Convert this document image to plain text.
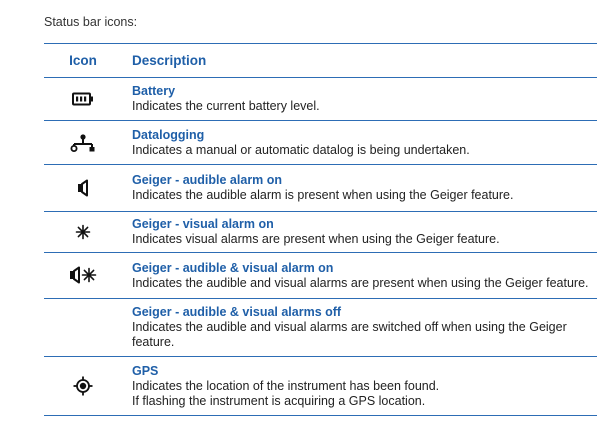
Status bar icons:
Icon	Description

Battery
Indicates the current battery level.

Datalogging
Indicates a manual or automatic datalog is being undertaken.

Geiger - audible alarm on
Indicates the audible alarm is present when using the Geiger feature.

Geiger - visual alarm on
Indicates visual alarms are present when using the Geiger feature.

Geiger - audible & visual alarm on
Indicates the audible and visual alarms are present when using the Geiger feature.

	Geiger - audible & visual alarms off
Indicates the audible and visual alarms are switched off when using the Geiger feature.

GPS
Indicates the location of the instrument has been found.
If flashing the instrument is acquiring a GPS location.
